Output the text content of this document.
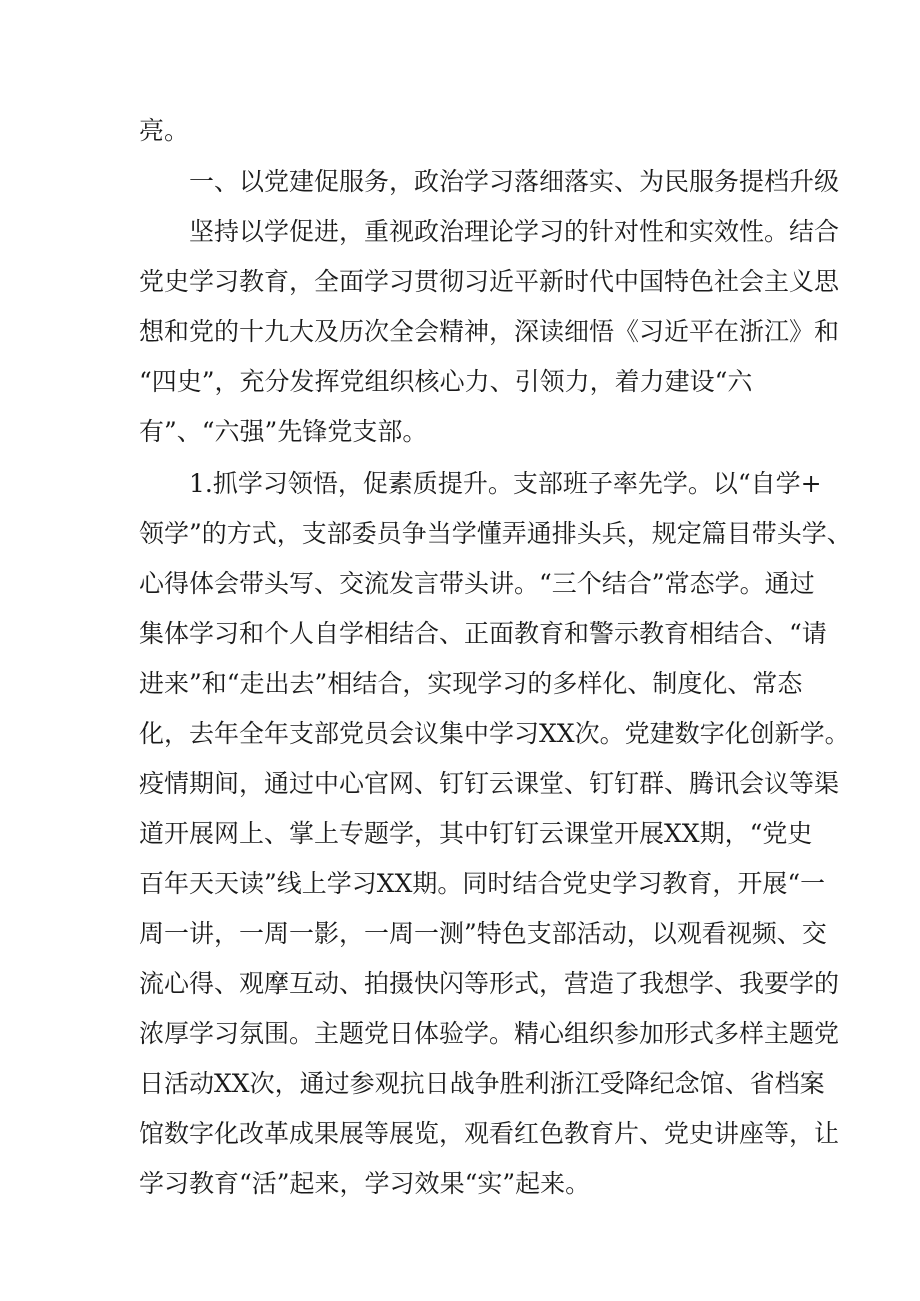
亮。
一、以党建促服务，政治学习落细落实、为民服务提档升级
坚持以学促进，重视政治理论学习的针对性和实效性。结合
党史学习教育，全面学习贯彻习近平新时代中国特色社会主义思
想和党的十九大及历次全会精神，深读细悟《习近平在浙江》和
“四史”，充分发挥党组织核心力、引领力，着力建设“六
有”、“六强”先锋党支部。
1.抓学习领悟，促素质提升。支部班子率先学。以“自学+
领学”的方式，支部委员争当学懂弄通排头兵，规定篇目带头学、
心得体会带头写、交流发言带头讲。“三个结合”常态学。通过
集体学习和个人自学相结合、正面教育和警示教育相结合、“请
进来”和“走出去”相结合，实现学习的多样化、制度化、常态
化，去年全年支部党员会议集中学习XX次。党建数字化创新学。
疫情期间，通过中心官网、钉钉云课堂、钉钉群、腾讯会议等渠
道开展网上、掌上专题学，其中钉钉云课堂开展XX期，“党史
百年天天读”线上学习XX期。同时结合党史学习教育，开展“一
周一讲，一周一影，一周一测”特色支部活动，以观看视频、交
流心得、观摩互动、拍摄快闪等形式，营造了我想学、我要学的
浓厚学习氛围。主题党日体验学。精心组织参加形式多样主题党
日活动XX次，通过参观抗日战争胜利浙江受降纪念馆、省档案
馆数字化改革成果展等展览，观看红色教育片、党史讲座等，让
学习教育“活”起来，学习效果“实”起来。
